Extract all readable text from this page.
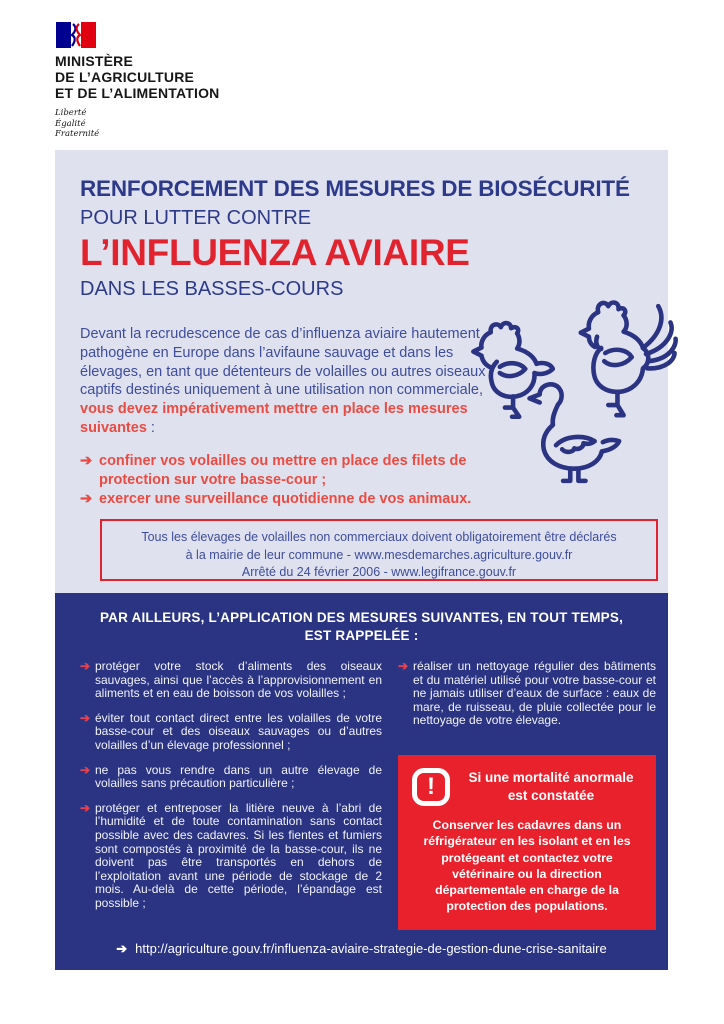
MINISTÈRE
DE L’AGRICULTURE
ET DE L’ALIMENTATION
Liberté
Égalité
Fraternité
RENFORCEMENT DES MESURES DE BIOSÉCURITÉ
POUR LUTTER CONTRE
L’INFLUENZA AVIAIRE
DANS LES BASSES-COURS

Devant la recrudescence de cas d’influenza aviaire hautement pathogène en Europe dans l’avifaune sauvage et dans les élevages, en tant que détenteurs de volailles ou autres oiseaux captifs destinés uniquement à une utilisation non commerciale, vous devez impérativement mettre en place les mesures suivantes :

➔ confiner vos volailles ou mettre en place des filets de protection sur votre basse-cour ;
➔ exercer une surveillance quotidienne de vos animaux.
Tous les élevages de volailles non commerciaux doivent obligatoirement être déclarés
à la mairie de leur commune - www.mesdemarches.agriculture.gouv.fr
Arrêté du 24 février 2006 - www.legifrance.gouv.fr
PAR AILLEURS, L’APPLICATION DES MESURES SUIVANTES, EN TOUT TEMPS,
EST RAPPELÉE :
➔ protéger votre stock d’aliments des oiseaux sauvages, ainsi que l’accès à l’approvisionnement en aliments et en eau de boisson de vos volailles ;
➔ éviter tout contact direct entre les volailles de votre basse-cour et des oiseaux sauvages ou d’autres volailles d’un élevage professionnel ;
➔ ne pas vous rendre dans un autre élevage de volailles sans précaution particulière ;
➔ protéger et entreposer la litière neuve à l’abri de l’humidité et de toute contamination sans contact possible avec des cadavres. Si les fientes et fumiers sont compostés à proximité de la basse-cour, ils ne doivent pas être transportés en dehors de l’exploitation avant une période de stockage de 2 mois. Au-delà de cette période, l’épandage est possible ;
➔ réaliser un nettoyage régulier des bâtiments et du matériel utilisé pour votre basse-cour et ne jamais utiliser d’eaux de surface : eaux de mare, de ruisseau, de pluie collectée pour le nettoyage de votre élevage.
!	Si une mortalité anormale
est constatée
Conserver les cadavres dans un réfrigérateur en les isolant et en les protégeant et contactez votre vétérinaire ou la direction départementale en charge de la protection des populations.
➔ http://agriculture.gouv.fr/influenza-aviaire-strategie-de-gestion-dune-crise-sanitaire
